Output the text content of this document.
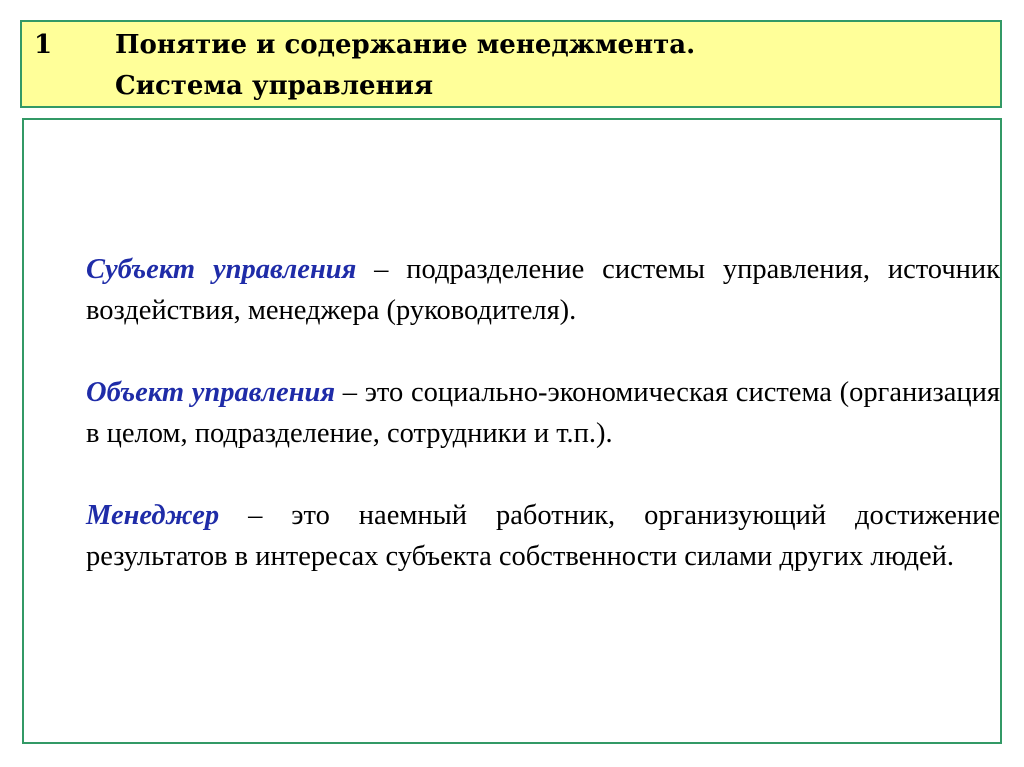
1 Понятие и содержание менеджмента.
Система управления
Субъект управления – подразделение системы управления, источник воздействия, менеджера (руководителя).
Объект управления – это социально-экономическая система (организация в целом, подразделение, сотрудники и т.п.).
Менеджер – это наемный работник, организующий достижение результатов в интересах субъекта собственности силами других людей.
